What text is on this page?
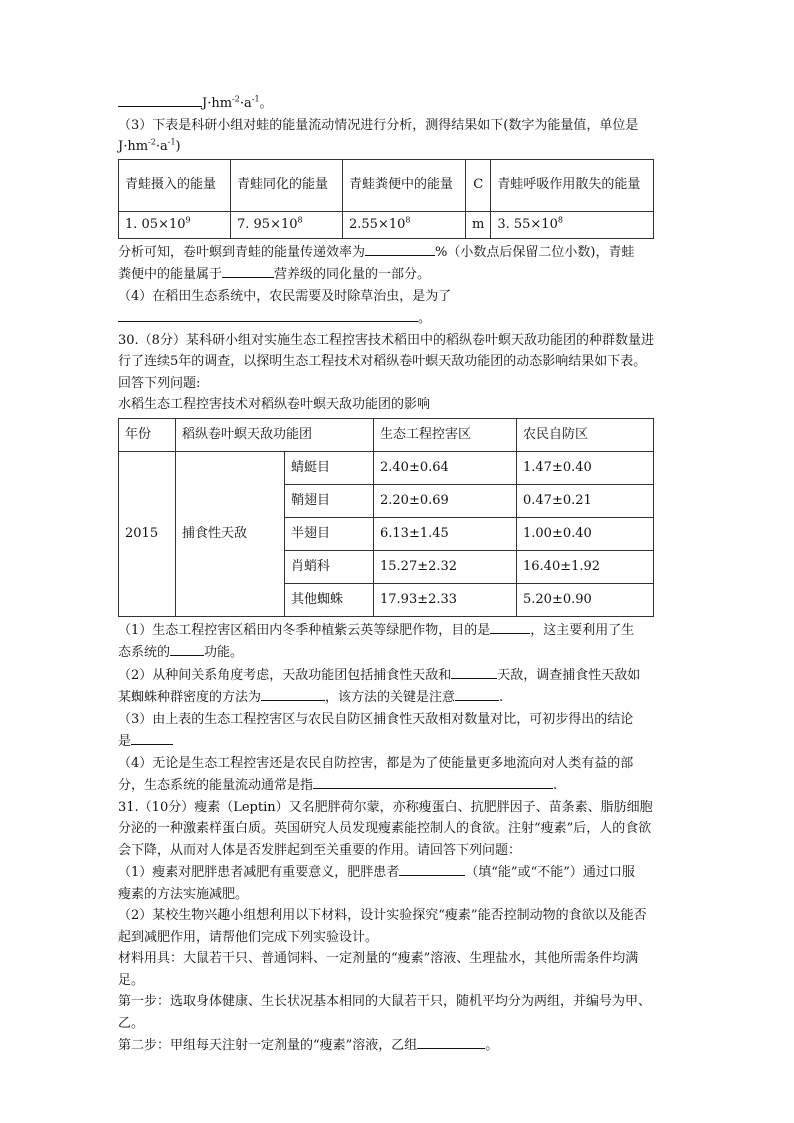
$J\cdot hm^{-2}\cdot a^{-1}$。

（3）下表是科研小组对蛙的能量流动情况进行分析，测得结果如下(数字为能量值，单位是
$J\cdot hm^{-2}\cdot a^{-1}$)

青蛙摄入的能量	青蛙同化的能量	青蛙粪便中的能量	C	青蛙呼吸作用散失的能量
1. $05\times 10^9$	7. $95\times 10^8$	$2.55\times 10^8$	m	3. $55\times 10^8$

分析可知，卷叶螟到青蛙的能量传递效率为	%（小数点后保留二位小数)，青蛙
粪便中的能量属于	营养级的同化量的一部分。

（4）在稻田生态系统中，农民需要及时除草治虫，是为了
。

30.（8分）某科研小组对实施生态工程控害技术稻田中的稻纵卷叶螟天敌功能团的种群数量进行了连续5年的调查，以探明生态工程技术对稻纵卷叶螟天敌功能团的动态影响结果如下表。回答下列问题:

水稻生态工程控害技术对稻纵卷叶螟天敌功能团的影响

年份	稻纵卷叶螟天敌功能团		生态工程控害区	农民自防区
2015	捕食性天敌	蜻蜓目	2.40±0.64	1.47±0.40
		鞘翅目	2.20±0.69	0.47±0.21
		半翅目	6.13±1.45	1.00±0.40
		肖蛸科	15.27±2.32	16.40±1.92
		其他蜘蛛	17.93±2.33	5.20±0.90

（1）生态工程控害区稻田内冬季种植紫云英等绿肥作物，目的是	，这主要利用了生
态系统的	功能。

（2）从种间关系角度考虑，天敌功能团包括捕食性天敌和	天敌，调查捕食性天敌如
某蜘蛛种群密度的方法为	，该方法的关键是注意	.

（3）由上表的生态工程控害区与农民自防区捕食性天敌相对数量对比，可初步得出的结论
是

（4）无论是生态工程控害还是农民自防控害，都是为了使能量更多地流向对人类有益的部
分，生态系统的能量流动通常是指	.

31.（10分）瘦素（Leptin）又名肥胖荷尔蒙，亦称瘦蛋白、抗肥胖因子、苗条素、脂肪细胞分泌的一种激素样蛋白质。英国研究人员发现瘦素能控制人的食欲。注射“瘦素”后，人的食欲会下降，从而对人体是否发胖起到至关重要的作用。请回答下列问题：

（1）瘦素对肥胖患者减肥有重要意义，肥胖患者	（填“能”或“不能”）通过口服
瘦素的方法实施减肥。

（2）某校生物兴趣小组想利用以下材料，设计实验探究“瘦素”能否控制动物的食欲以及能否起到减肥作用，请帮他们完成下列实验设计。

材料用具：大鼠若干只、普通饲料、一定剂量的“瘦素”溶液、生理盐水，其他所需条件均满足。

第一步：选取身体健康、生长状况基本相同的大鼠若干只，随机平均分为两组，并编号为甲、乙。

第二步：甲组每天注射一定剂量的“瘦素”溶液，乙组	。
